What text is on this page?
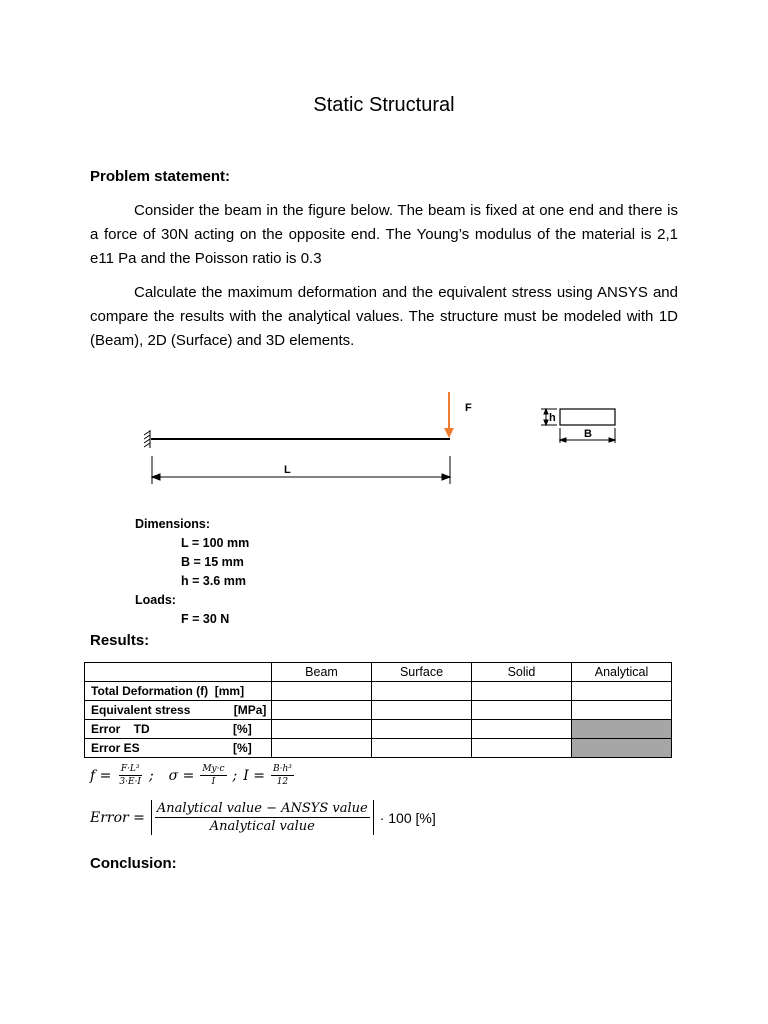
Static Structural
Problem statement:
Consider the beam in the figure below. The beam is fixed at one end and there is a force of 30N acting on the opposite end. The Young’s modulus of the material is 2,1 e11 Pa and the Poisson ratio is 0.3
Calculate the maximum deformation and the equivalent stress using ANSYS and compare the results with the analytical values. The structure must be modeled with 1D (Beam), 2D (Surface) and 3D elements.
F
L
h
B
Dimensions:
L = 100 mm
B = 15 mm
h = 3.6 mm
Loads:
F = 30 N
Results:
	Beam	Surface	Solid	Analytical
Total Deformation (f)  [mm]				
Equivalent stress             [MPa]				
Error    TD                         [%]				
Error ES                            [%]				
$f = \frac{\text{F·L³}}{3\cdot E\cdot I}$ ; $\sigma = \frac{My\cdot c}{I}$ ; $I = \frac{\text{B·h³}}{12}$
Error = $\frac{\text{Analytical value − ANSYS value}}{\text{Analytical value}} \cdot 100$ [%]
Conclusion:
